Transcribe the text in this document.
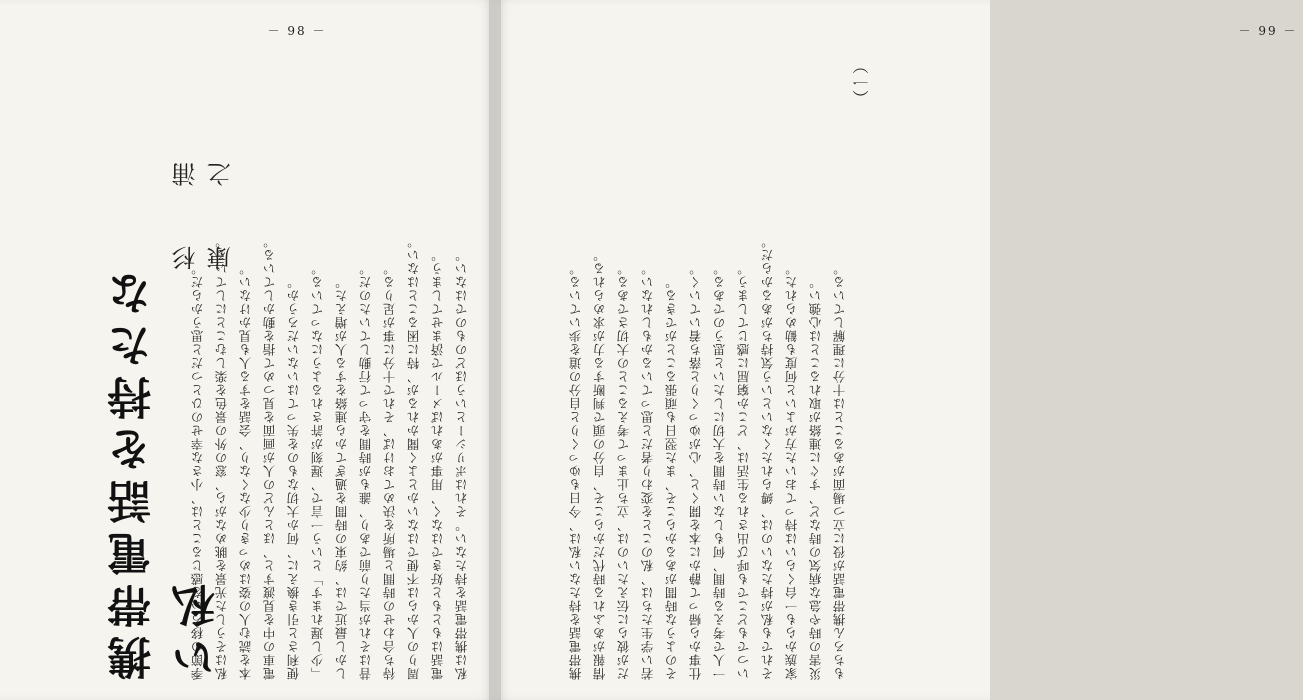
－ 98 －
杉 浦 康 之
携帯電話を持たない私	私は携帯電話を持たない。それはポリシーというほどのものではない。
電話はもともと好きではなく、用事があればメールで済ませてしまう。
周りの人からは不便ではないかとよく聞かれるが、特に困ることはない。
待ち合わせの時間と場所を決めておけば、それで十分に事が足りる。
昔はそれが当たり前であり、誰もが時間を守って行動していたのだ。
しかし最近では、約束の時間を過ぎてから連絡をする人が増えた。
「少し遅れます」という一言で、遅刻が許されるようになっている。
便利さと引き換えに、何か大切なものを失ってはいないだろうか。
電車の中を見渡すと、ほとんどの人が画面を見つめて指を動かしている。
本を読む人の姿はめっきり少なくなり、会話をする人も見かけない。
私はそうした光景を眺めながら、窓の外の景色を楽しむことにしている。
季節の移ろいを感じることは、小さな幸せのひとつだと思うからだ。
－ 99 －
（一）
もちろん携帯電話が役に立つ場面があることは十分に理解している。
災害の時や急な病気の時など、すぐに連絡が取れることは心強い。
家族からも一台くらいは持っておいた方がよいと何度も勧められた。
それでも私が持たないのは、縛られたくないという気持ちがあるからだ。
いつでもどこでも呼び出される生活は、どこか窮屈に感じてしまう。
一人で考える時間、何もしない時間を大切にしたいと思うのである。
仕事から帰って静かに本を開くと、心がゆっくりと落ち着いていく。
そのような時間があるからこそ、また翌日も頑張ることができる。
若い学生たちは、私のことを変わり者だと思っているかもしれない。
だが彼らに伝えたいのは、立ち止まって考えることの大切さである。
情報があふれる時代だからこそ、自分の頭で判断する力が求められる。
携帯電話を持たない私は、今日もゆっくりと自分の道を歩いている。
